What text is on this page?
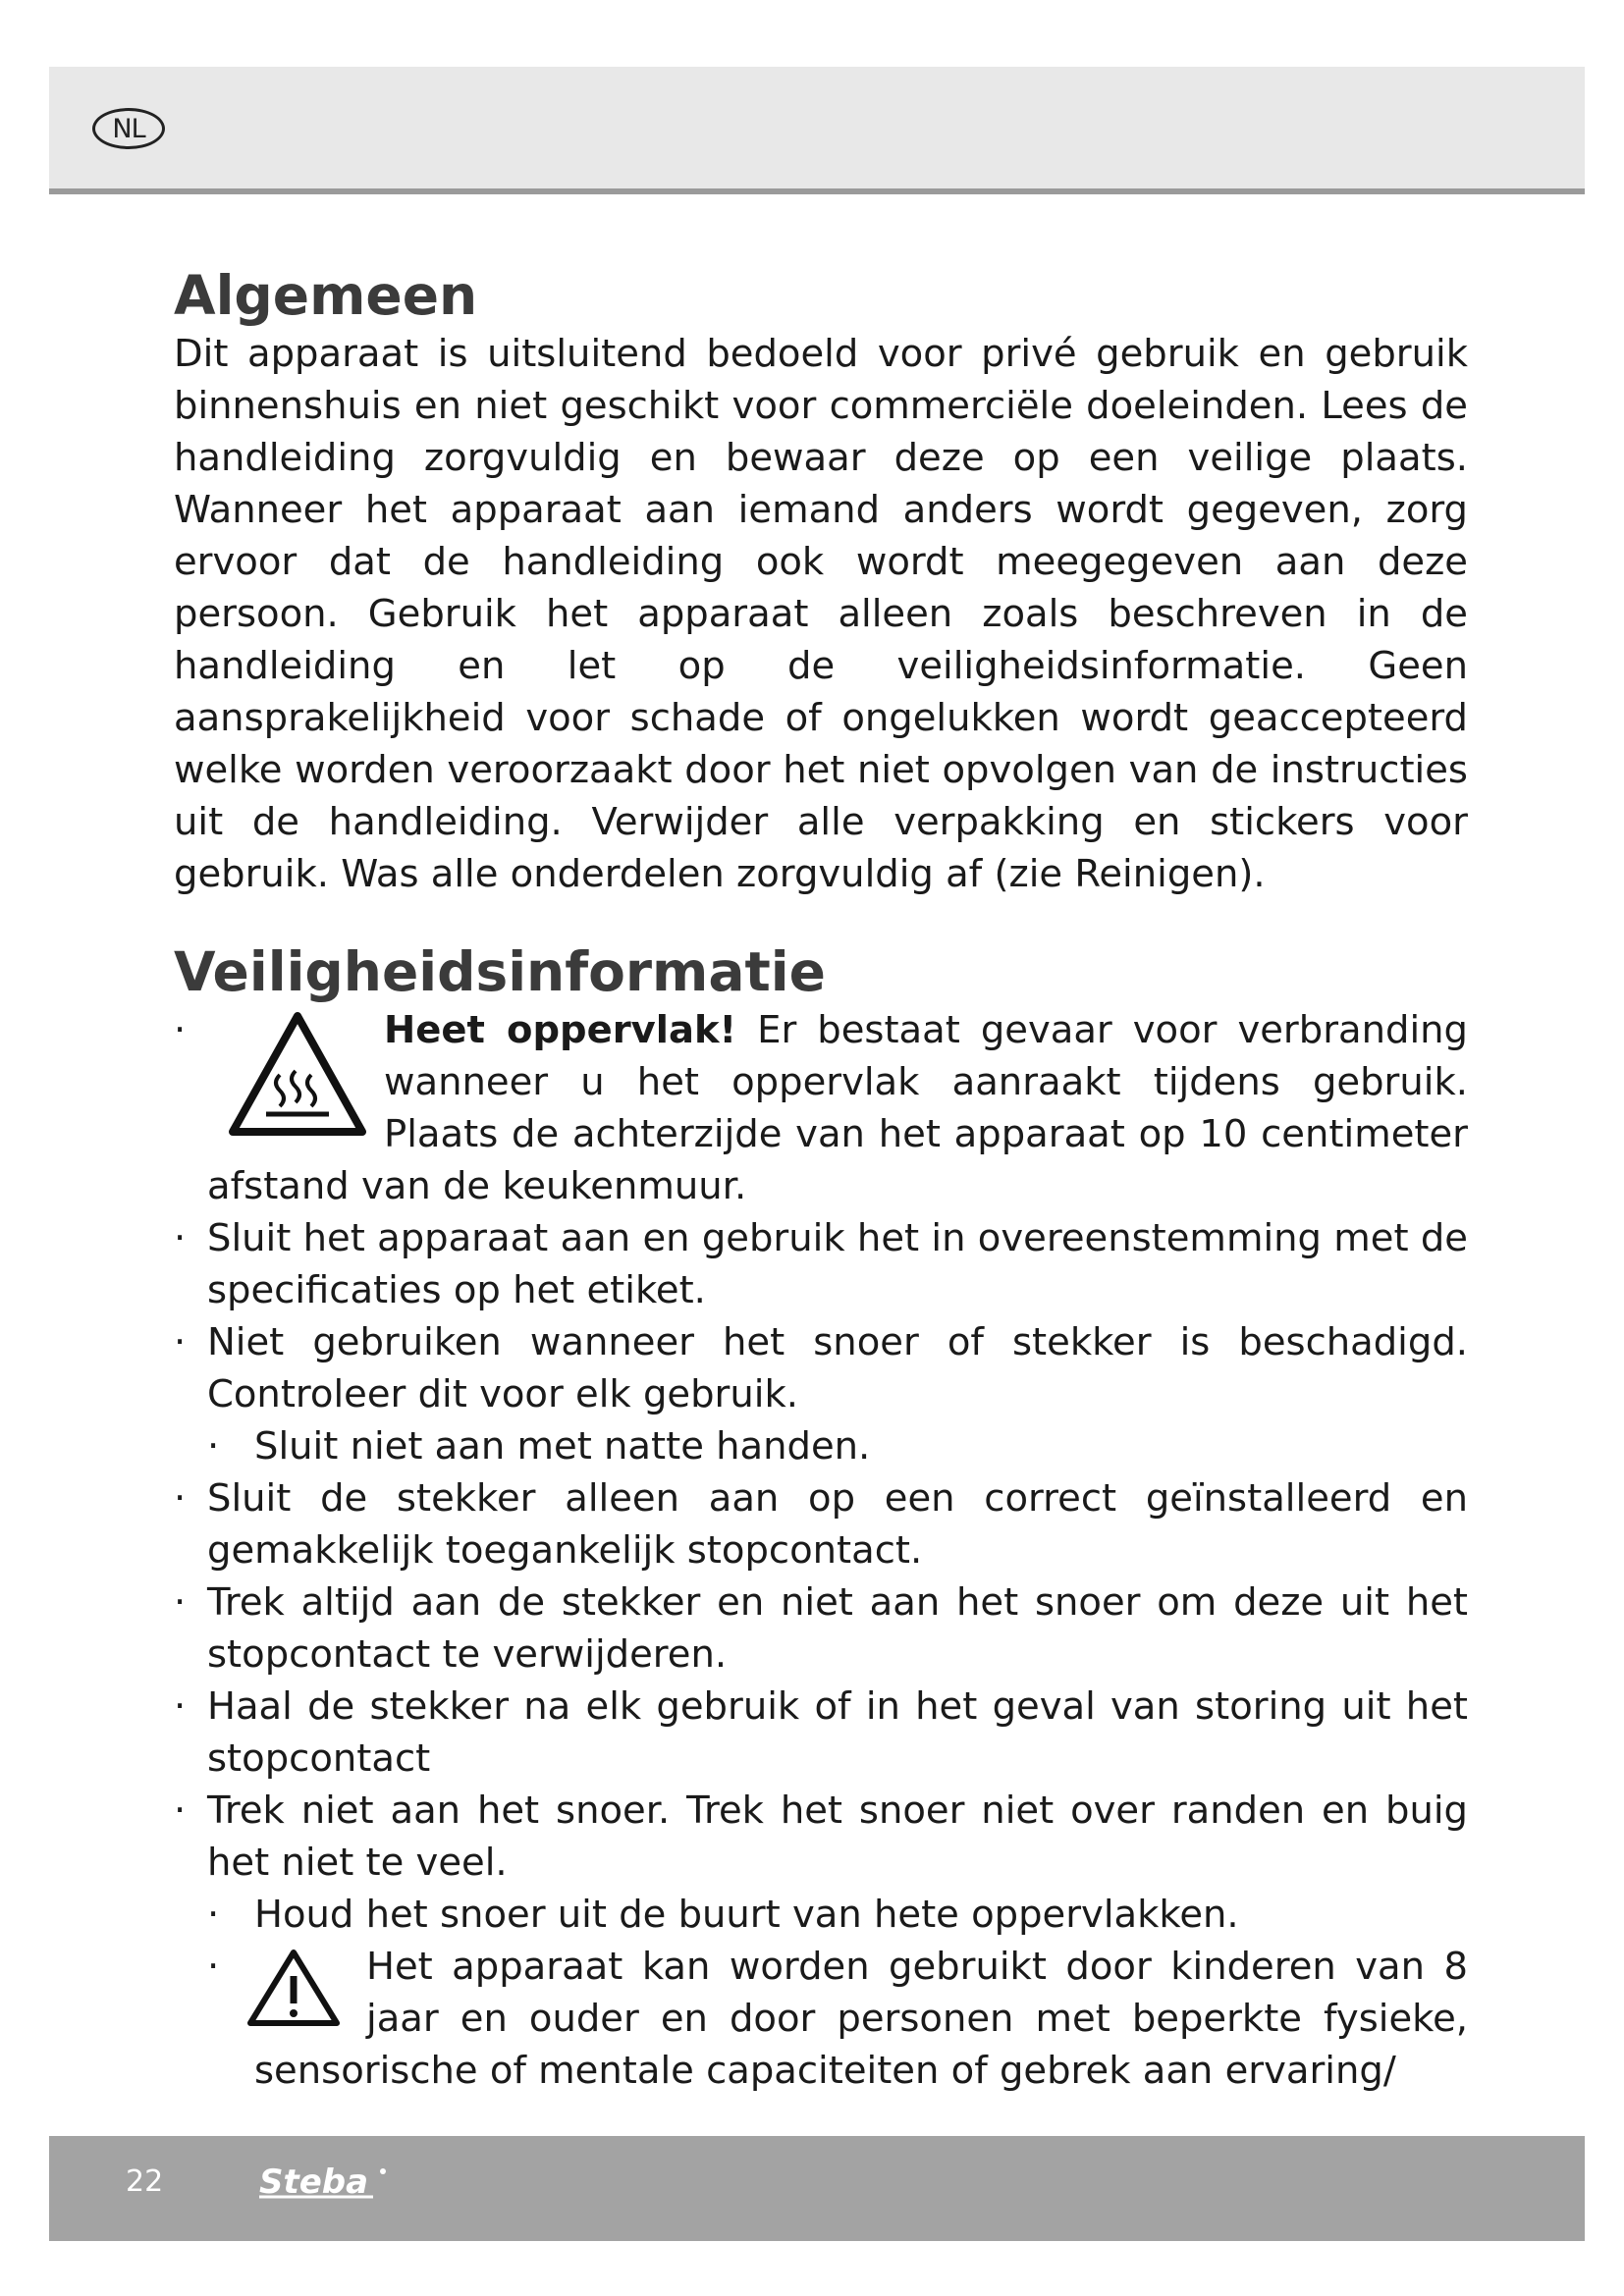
NL
Algemeen

Dit apparaat is uitsluitend bedoeld voor privé gebruik en gebruik binnenshuis en niet geschikt voor commerciële doeleinden. Lees de handleiding zorgvuldig en bewaar deze op een veilige plaats. Wanneer het apparaat aan iemand anders wordt gegeven, zorg ervoor dat de handleiding ook wordt meegegeven aan deze persoon. Gebruik het apparaat alleen zoals beschreven in de handleiding en let op de veiligheidsinformatie. Geen aansprakelijkheid voor schade of ongelukken wordt geaccepteerd welke worden veroorzaakt door het niet opvolgen van de instructies uit de handleiding. Verwijder alle verpakking en stickers voor gebruik. Was alle onderdelen zorgvuldig af (zie Reinigen).

Veiligheidsinformatie
·	Heet oppervlak! Er bestaat gevaar voor verbranding wanneer u het oppervlak aanraakt tijdens gebruik. Plaats de achterzijde van het apparaat op 10 centimeter afstand van de keukenmuur.
· Sluit het apparaat aan en gebruik het in overeenstemming met de specificaties op het etiket.
· Niet gebruiken wanneer het snoer of stekker is beschadigd. Controleer dit voor elk gebruik.
· Sluit niet aan met natte handen.
· Sluit de stekker alleen aan op een correct geïnstalleerd en gemakkelijk toegankelijk stopcontact.
· Trek altijd aan de stekker en niet aan het snoer om deze uit het stopcontact te verwijderen.
· Haal de stekker na elk gebruik of in het geval van storing uit het stopcontact
· Trek niet aan het snoer. Trek het snoer niet over randen en buig het niet te veel.
· Houd het snoer uit de buurt van hete oppervlakken.
·	Het apparaat kan worden gebruikt door kinderen van 8 jaar en ouder en door personen met beperkte fysieke, sensorische of mentale capaciteiten of gebrek aan ervaring/
22	Steba
